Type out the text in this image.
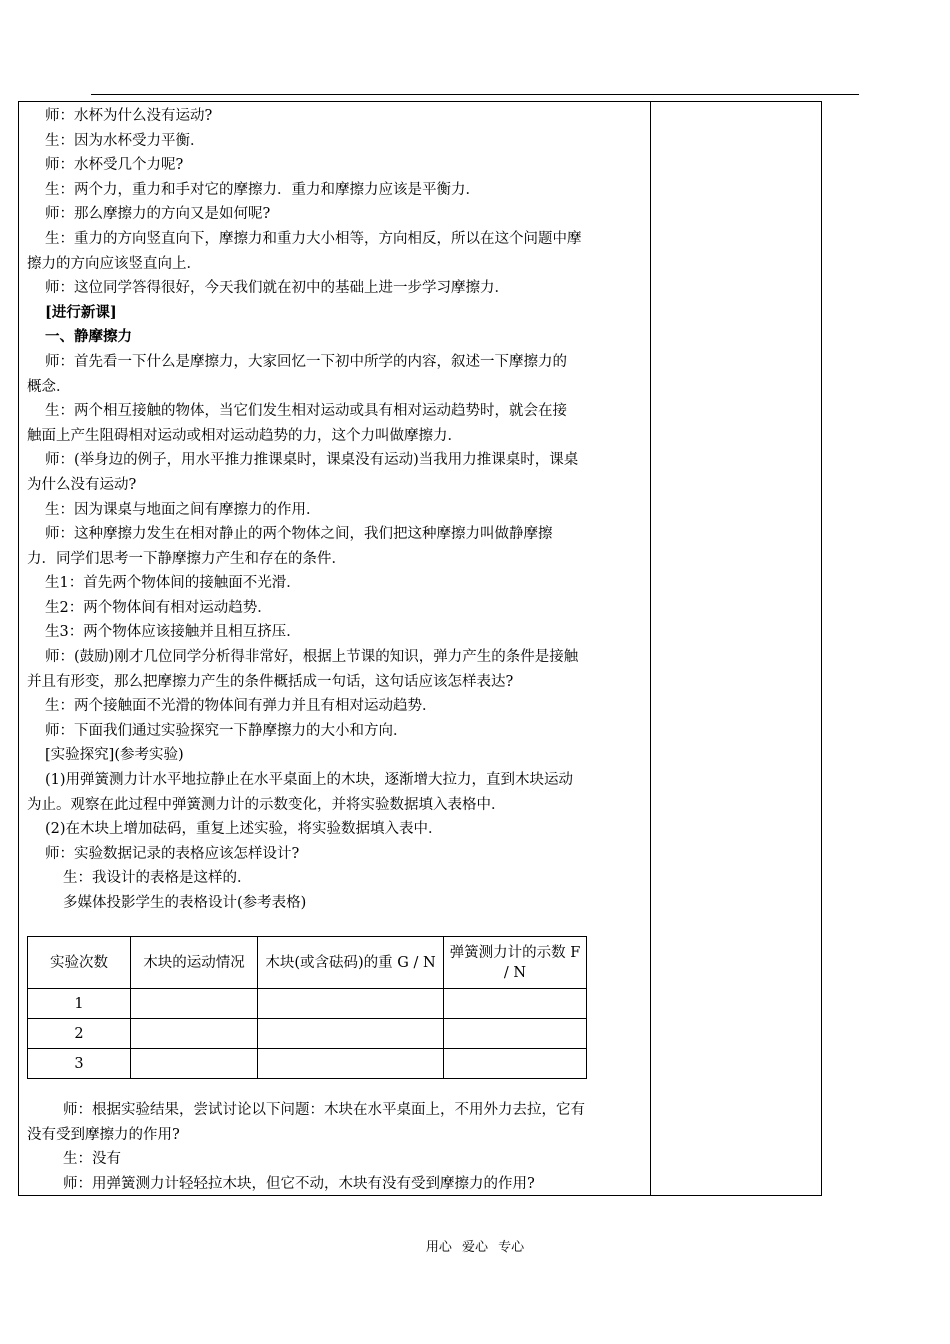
师：水杯为什么没有运动?

生：因为水杯受力平衡．

师：水杯受几个力呢?

生：两个力，重力和手对它的摩擦力．重力和摩擦力应该是平衡力．

师：那么摩擦力的方向又是如何呢?

生：重力的方向竖直向下，摩擦力和重力大小相等，方向相反，所以在这个问题中摩

擦力的方向应该竖直向上．

师：这位同学答得很好，今天我们就在初中的基础上进一步学习摩擦力．

[进行新课]

一、静摩擦力

师：首先看一下什么是摩擦力，大家回忆一下初中所学的内容，叙述一下摩擦力的

概念．

生：两个相互接触的物体，当它们发生相对运动或具有相对运动趋势时，就会在接

触面上产生阻碍相对运动或相对运动趋势的力，这个力叫做摩擦力．

师：(举身边的例子，用水平推力推课桌时，课桌没有运动)当我用力推课桌时，课桌

为什么没有运动?

生：因为课桌与地面之间有摩擦力的作用．

师：这种摩擦力发生在相对静止的两个物体之间，我们把这种摩擦力叫做静摩擦

力．同学们思考一下静摩擦力产生和存在的条件．

生1：首先两个物体间的接触面不光滑．

生2：两个物体间有相对运动趋势．

生3：两个物体应该接触并且相互挤压．

师：(鼓励)刚才几位同学分析得非常好，根据上节课的知识，弹力产生的条件是接触

并且有形变，那么把摩擦力产生的条件概括成一句话，这句话应该怎样表达?

生：两个接触面不光滑的物体间有弹力并且有相对运动趋势．

师：下面我们通过实验探究一下静摩擦力的大小和方向．

[实验探究](参考实验)

(1)用弹簧测力计水平地拉静止在水平桌面上的木块，逐渐增大拉力，直到木块运动

为止。观察在此过程中弹簧测力计的示数变化，并将实验数据填入表格中．

(2)在木块上增加砝码，重复上述实验，将实验数据填入表中．

师：实验数据记录的表格应该怎样设计?

生：我设计的表格是这样的．

多媒体投影学生的表格设计(参考表格)

实验次数	木块的运动情况	木块(或含砝码)的重 G / N	弹簧测力计的示数 F / N
1			
2			
3			

师：根据实验结果，尝试讨论以下问题：木块在水平桌面上，不用外力去拉，它有

没有受到摩擦力的作用?

生：没有

师：用弹簧测力计轻轻拉木块，但它不动，木块有没有受到摩擦力的作用?

用心 爱心 专心
